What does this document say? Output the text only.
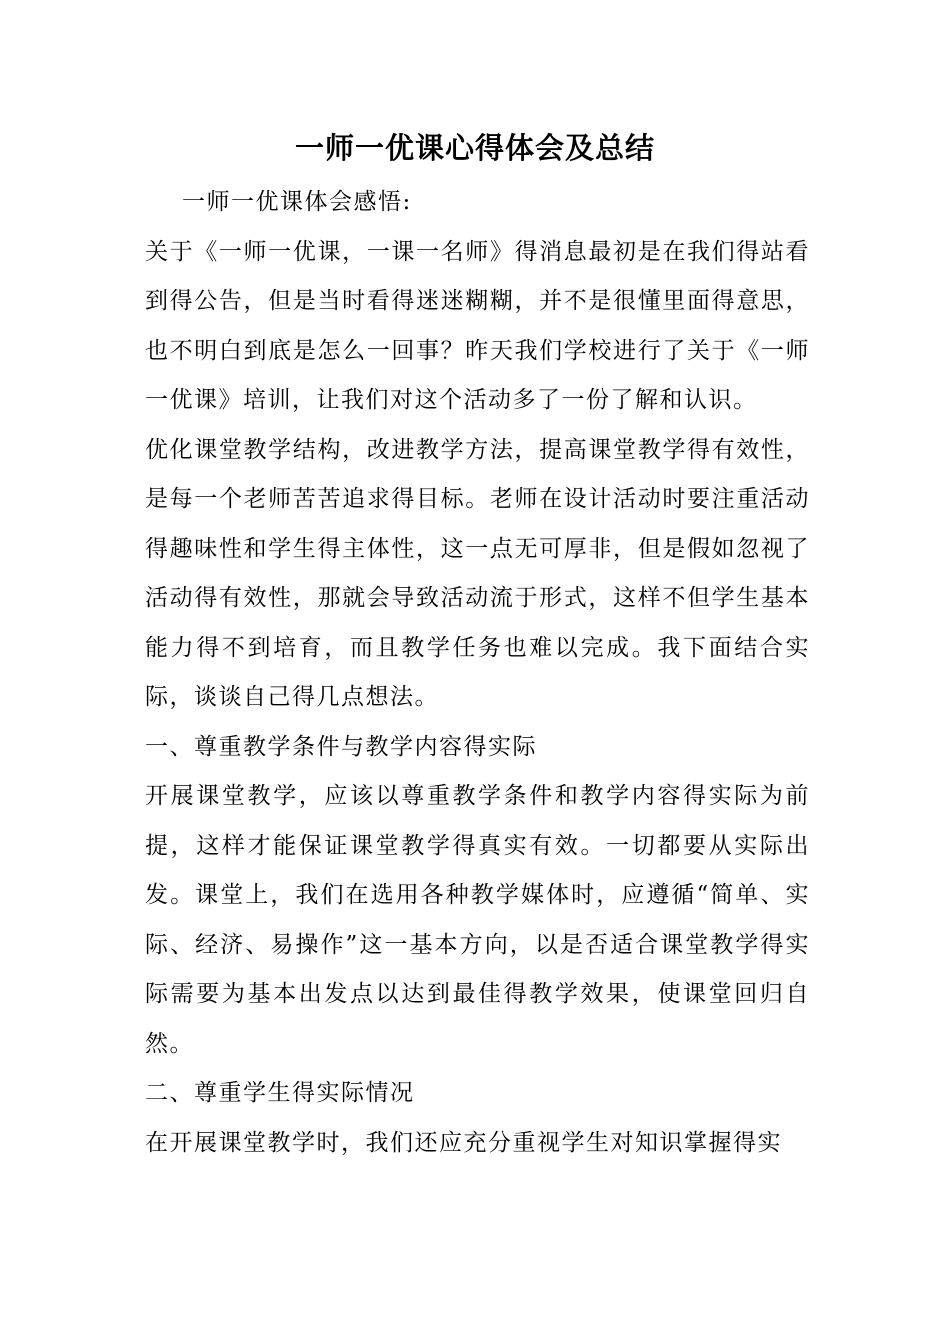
一师一优课心得体会及总结

一师一优课体会感悟:

关于《一师一优课，一课一名师》得消息最初是在我们得站看到得公告，但是当时看得迷迷糊糊，并不是很懂里面得意思，也不明白到底是怎么一回事？昨天我们学校进行了关于《一师一优课》培训，让我们对这个活动多了一份了解和认识。

优化课堂教学结构，改进教学方法，提高课堂教学得有效性，是每一个老师苦苦追求得目标。老师在设计活动时要注重活动得趣味性和学生得主体性，这一点无可厚非，但是假如忽视了活动得有效性，那就会导致活动流于形式，这样不但学生基本能力得不到培育，而且教学任务也难以完成。我下面结合实际，谈谈自己得几点想法。

一、尊重教学条件与教学内容得实际

开展课堂教学，应该以尊重教学条件和教学内容得实际为前提，这样才能保证课堂教学得真实有效。一切都要从实际出发。课堂上，我们在选用各种教学媒体时，应遵循“简单、实际、经济、易操作”这一基本方向，以是否适合课堂教学得实际需要为基本出发点以达到最佳得教学效果，使课堂回归自然。

二、尊重学生得实际情况

在开展课堂教学时，我们还应充分重视学生对知识掌握得实
